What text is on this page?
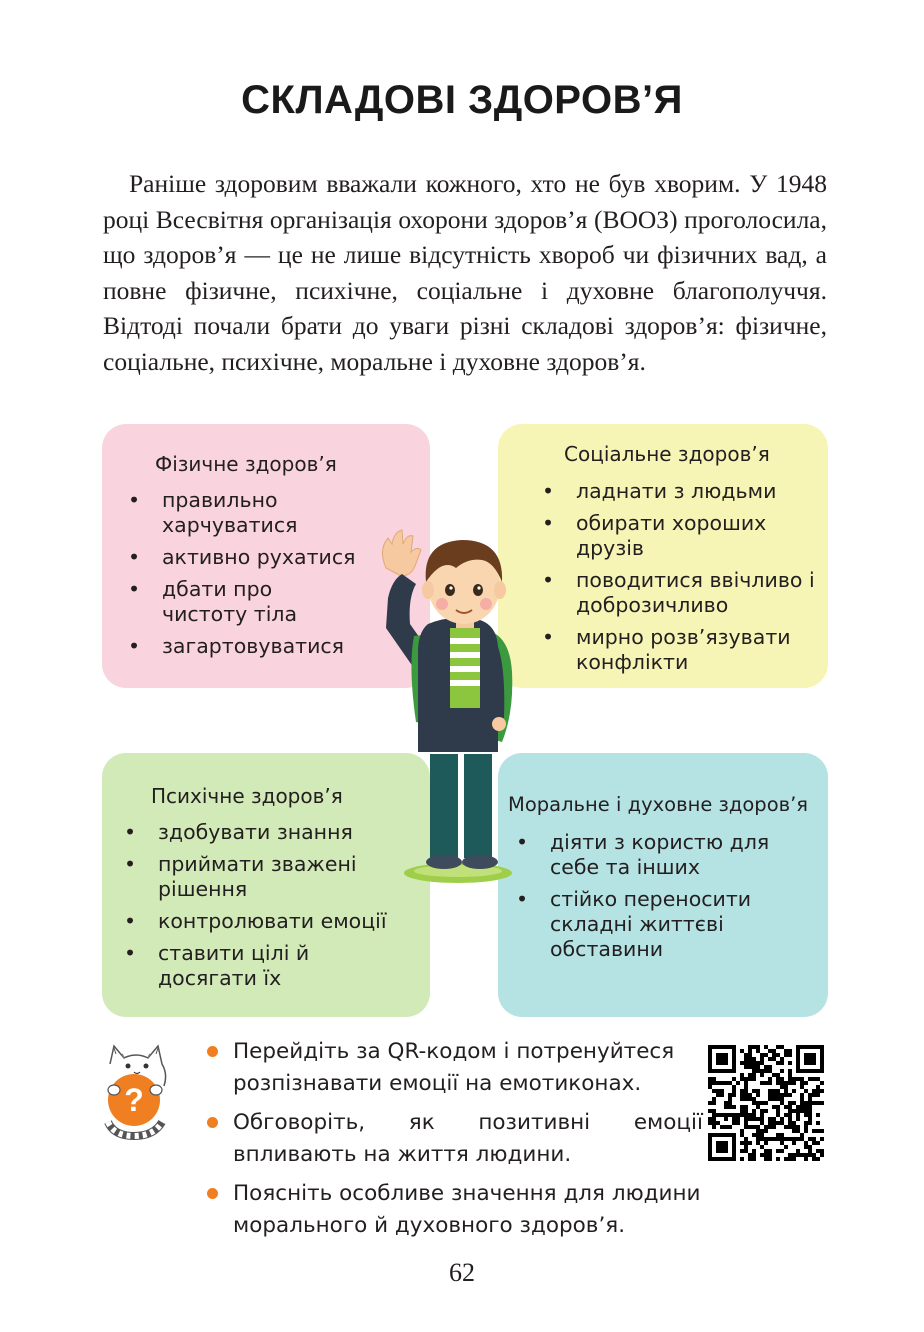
СКЛАДОВІ ЗДОРОВ’Я
Раніше здоровим вважали кожного, хто не був хворим. У 1948 році Всесвітня організація охорони здоров’я (ВООЗ) проголосила, що здоров’я — це не лише відсутність хвороб чи фізичних вад, а повне фізичне, психічне, соціальне і духовне благополуччя. Відтоді почали брати до уваги різні складові здоров’я: фізичне, соціальне, психічне, моральне і духовне здоров’я.
Фізичне здоров’я
• правильно харчуватися
• активно рухатися
• дбати про чистоту тіла
• загартовуватися
Соціальне здоров’я
• ладнати з людьми
• обирати хороших друзів
• поводитися ввічливо і доброзичливо
• мирно розв’язувати конфлікти
Психічне здоров’я
• здобувати знання
• приймати зважені рішення
• контролювати емоції
• ставити цілі й досягати їх
Моральне і духовне здоров’я
• діяти з користю для себе та інших
• стійко переносити складні життєві обставини
?
Перейдіть за QR-кодом і потренуйтеся розпізнавати емоції на емотиконах.
Обговоріть, як позитивні емоції впливають на життя людини.
Поясніть особливе значення для людини морального й духовного здоров’я.
62
